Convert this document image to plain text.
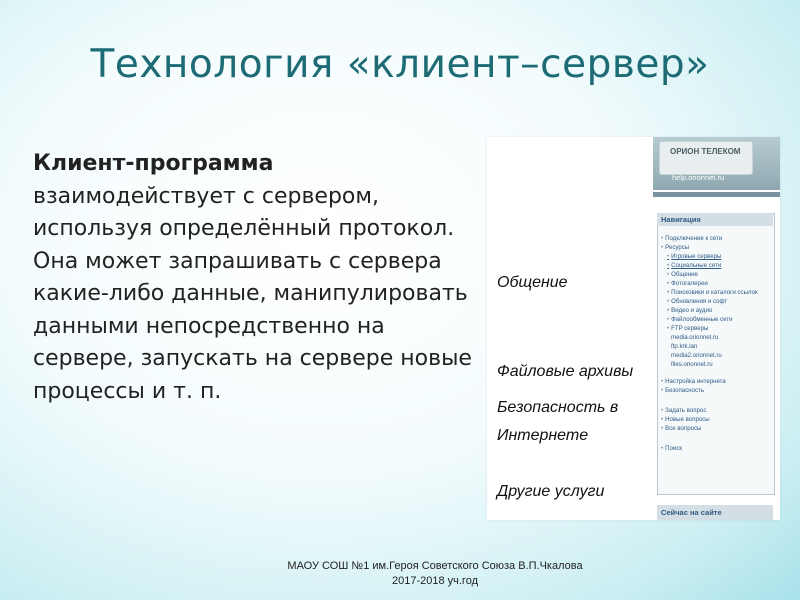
Технология «клиент–сервер»
Клиент-программа взаимодействует с сервером, используя определённый протокол. Она может запрашивать с сервера какие-либо данные, манипулировать данными непосредственно на сервере, запускать на сервере новые процессы и т. п.
ОРИОН ТЕЛЕКОМ
help.orionnet.ru
Навигация
• Подключение к сети
• Ресурсы
• Игровые серверы
• Социальные сети
• Общение
• Фотогалереи
• Поисковики и каталоги ссылок
• Обновления и софт
• Видео и аудио
• Файлообменные сети
• FTP серверы
media.orionnet.ru
ftp.krk.lan
media2.orionnet.ru
files.orionnet.ru
• Настройка интернета
• Безопасность
• Задать вопрос
• Новые вопросы
• Все вопросы
• Поиск
Общение
Файловые архивы
Безопасность в
Интернете
Другие услуги
Сейчас на сайте
МАОУ СОШ №1 им.Героя Советского Союза В.П.Чкалова
2017-2018 уч.год
